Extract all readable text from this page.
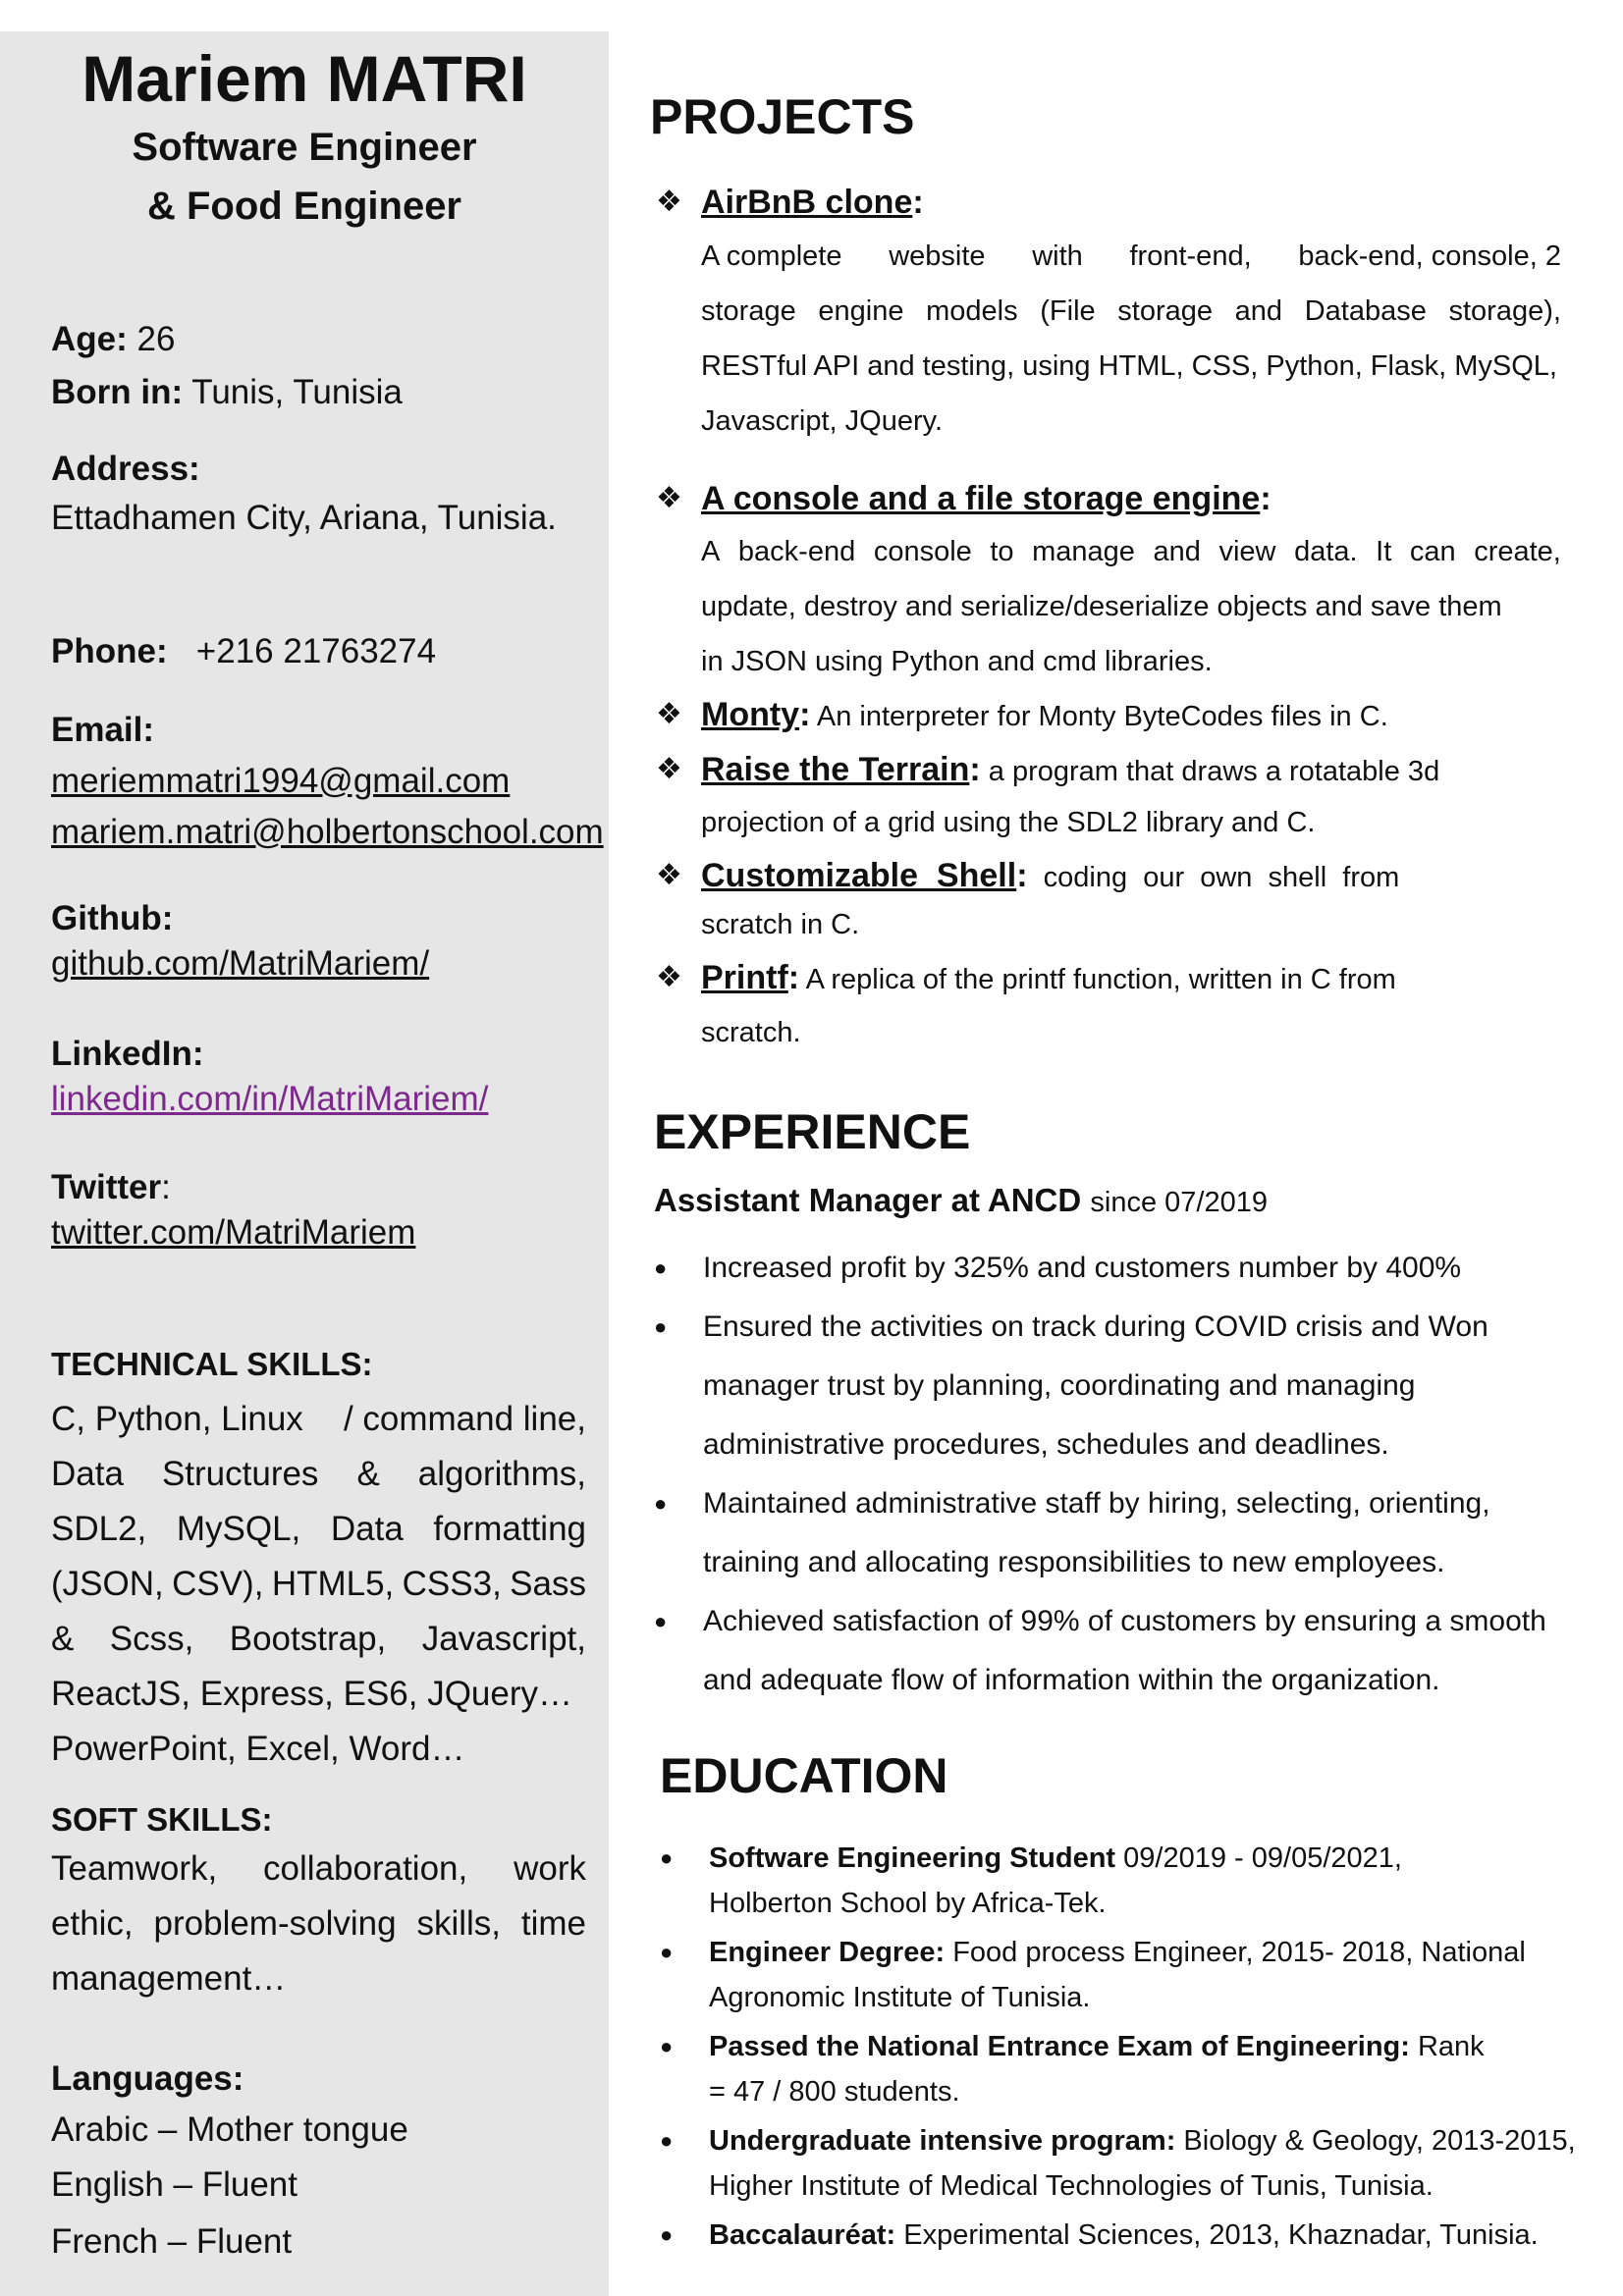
Mariem MATRI
Software Engineer
& Food Engineer
Age: 26
Born in: Tunis, Tunisia
Address:
Ettadhamen City, Ariana, Tunisia.
Phone: +216 21763274
Email:
meriemmatri1994@gmail.com
mariem.matri@holbertonschool.com
Github:
github.com/MatriMariem/
LinkedIn:
linkedin.com/in/MatriMariem/
Twitter:
twitter.com/MatriMariem
TECHNICAL SKILLS:
C, Python, Linux / command line,
Data Structures & algorithms,
SDL2, MySQL, Data formatting
(JSON, CSV), HTML5, CSS3, Sass
& Scss, Bootstrap, Javascript,
ReactJS, Express, ES6, JQuery…
PowerPoint, Excel, Word…
SOFT SKILLS:
Teamwork, collaboration, work
ethic, problem-solving skills, time
management…
Languages:
Arabic – Mother tongue
English – Fluent
French – Fluent
PROJECTS
❖ AirBnB clone:
A complete website with front-end, back-end, console, 2
storage engine models (File storage and Database storage),
RESTful API and testing, using HTML, CSS, Python, Flask, MySQL,
Javascript, JQuery.
❖ A console and a file storage engine:
A back-end console to manage and view data. It can create,
update, destroy and serialize/deserialize objects and save them
in JSON using Python and cmd libraries.
❖ Monty: An interpreter for Monty ByteCodes files in C.
❖ Raise the Terrain: a program that draws a rotatable 3d
projection of a grid using the SDL2 library and C.
❖ Customizable  Shell: coding  our  own  shell  from
scratch in C.
❖ Printf: A replica of the printf function, written in C from
scratch.
EXPERIENCE
Assistant Manager at ANCD since 07/2019
● Increased profit by 325% and customers number by 400%
● Ensured the activities on track during COVID crisis and Won
manager trust by planning, coordinating and managing
administrative procedures, schedules and deadlines.
● Maintained administrative staff by hiring, selecting, orienting,
training and allocating responsibilities to new employees.
● Achieved satisfaction of 99% of customers by ensuring a smooth
and adequate flow of information within the organization.
EDUCATION
● Software Engineering Student 09/2019 - 09/05/2021,
Holberton School by Africa-Tek.
● Engineer Degree: Food process Engineer, 2015- 2018, National
Agronomic Institute of Tunisia.
● Passed the National Entrance Exam of Engineering: Rank
= 47 / 800 students.
● Undergraduate intensive program: Biology & Geology, 2013-2015,
Higher Institute of Medical Technologies of Tunis, Tunisia.
● Baccalauréat: Experimental Sciences, 2013, Khaznadar, Tunisia.
